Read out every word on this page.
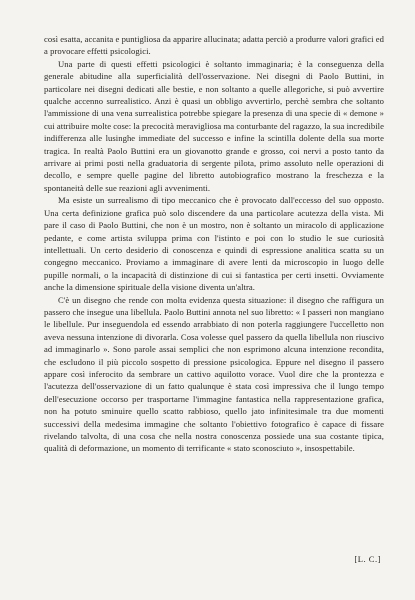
così esatta, accanita e puntigliosa da apparire allucinata; adatta perciò a produrre valori grafici ed a provocare effetti psicologici.

Una parte di questi effetti psicologici è soltanto immaginaria; è la conseguenza della generale abitudine alla superficialità dell'osservazione. Nei disegni di Paolo Buttini, in particolare nei disegni dedicati alle bestie, e non soltanto a quelle allegoriche, si può avvertire qualche accenno surrealistico. Anzi è quasi un obbligo avvertirlo, perchè sembra che soltanto l'ammissione di una vena surrealistica potrebbe spiegare la presenza di una specie di « demone » cui attribuire molte cose: la precocità meravigliosa ma conturbante del ragazzo, la sua incredibile indifferenza alle lusinghe immediate del successo e infine la scintilla dolente della sua morte tragica. In realtà Paolo Buttini era un giovanotto grande e grosso, coi nervi a posto tanto da arrivare ai primi posti nella graduatoria di sergente pilota, primo assoluto nelle operazioni di decollo, e sempre quelle pagine del libretto autobiografico mostrano la freschezza e la spontaneità delle sue reazioni agli avvenimenti.

Ma esiste un surrealismo di tipo meccanico che è provocato dall'eccesso del suo opposto. Una certa definizione grafica può solo discendere da una particolare acutezza della vista. Mi pare il caso di Paolo Buttini, che non è un mostro, non è soltanto un miracolo di applicazione pedante, e come artista sviluppa prima con l'istinto e poi con lo studio le sue curiosità intellettuali. Un certo desiderio di conoscenza e quindi di espressione analitica scatta su un congegno meccanico. Proviamo a immaginare di avere lenti da microscopio in luogo delle pupille normali, o la incapacità di distinzione di cui si fantastica per certi insetti. Ovviamente anche la dimensione spirituale della visione diventa un'altra.

C'è un disegno che rende con molta evidenza questa situazione: il disegno che raffigura un passero che insegue una libellula. Paolo Buttini annota nel suo libretto: « I passeri non mangiano le libellule. Pur inseguendola ed essendo arrabbiato di non poterla raggiungere l'uccelletto non aveva nessuna intenzione di divorarla. Cosa volesse quel passero da quella libellula non riuscivo ad immaginarlo ». Sono parole assai semplici che non esprimono alcuna intenzione recondita, che escludono il più piccolo sospetto di pressione psicologica. Eppure nel disegno il passero appare così inferocito da sembrare un cattivo aquilotto vorace. Vuol dire che la prontezza e l'acutezza dell'osservazione di un fatto qualunque è stata così impressiva che il lungo tempo dell'esecuzione occorso per trasportarne l'immagine fantastica nella rappresentazione grafica, non ha potuto sminuire quello scatto rabbioso, quello jato infinitesimale tra due momenti successivi della medesima immagine che soltanto l'obiettivo fotografico è capace di fissare rivelando talvolta, di una cosa che nella nostra conoscenza possiede una sua costante tipica, qualità di deformazione, un momento di terrificante « stato sconosciuto », insospettabile.

[L. C.]
